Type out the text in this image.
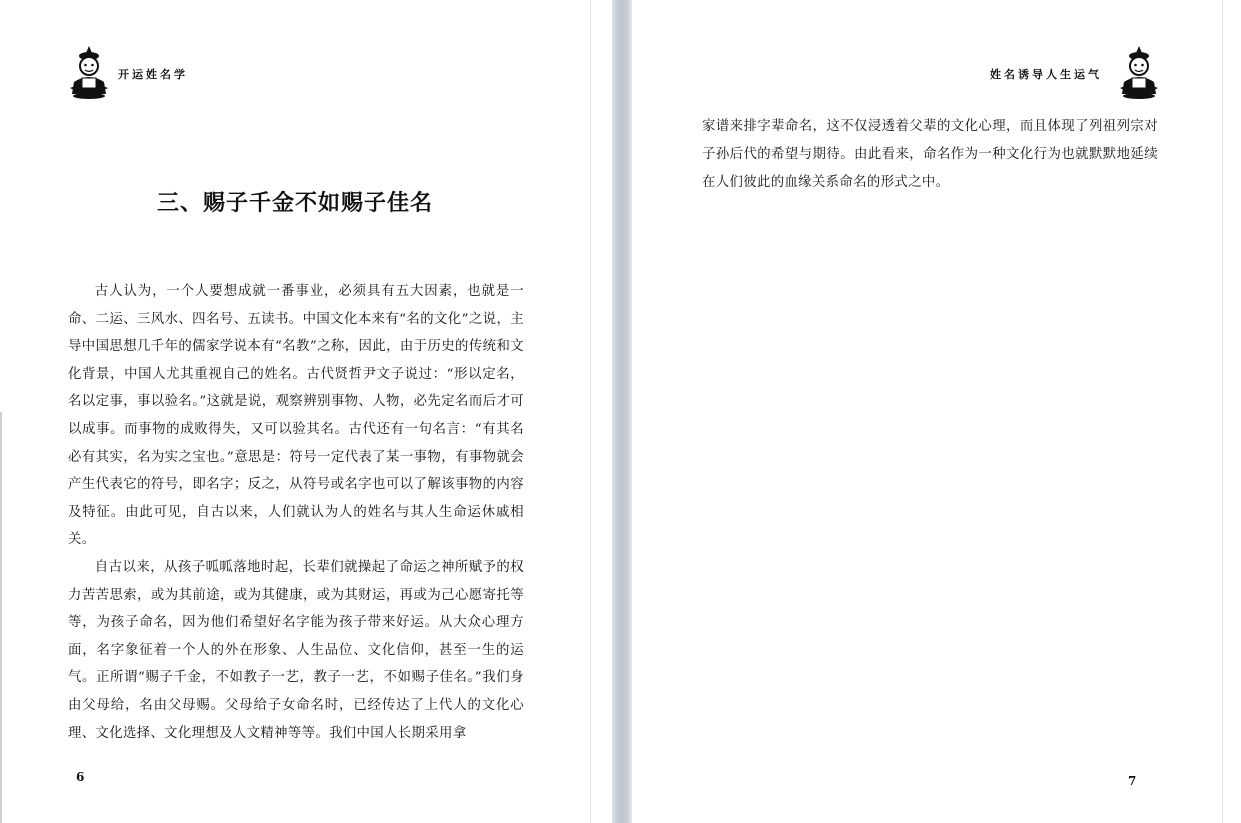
开运姓名学
三、赐子千金不如赐子佳名

古人认为，一个人要想成就一番事业，必须具有五大因素，也就是一命、二运、三风水、四名号、五读书。中国文化本来有“名的文化”之说，主导中国思想几千年的儒家学说本有“名教”之称，因此，由于历史的传统和文化背景，中国人尤其重视自己的姓名。古代贤哲尹文子说过：“形以定名，名以定事，事以验名。”这就是说，观察辨别事物、人物，必先定名而后才可以成事。而事物的成败得失，又可以验其名。古代还有一句名言：“有其名必有其实，名为实之宝也。”意思是：符号一定代表了某一事物，有事物就会产生代表它的符号，即名字；反之，从符号或名字也可以了解该事物的内容及特征。由此可见，自古以来，人们就认为人的姓名与其人生命运休戚相关。

自古以来，从孩子呱呱落地时起，长辈们就操起了命运之神所赋予的权力苦苦思索，或为其前途，或为其健康，或为其财运，再或为己心愿寄托等等，为孩子命名，因为他们希望好名字能为孩子带来好运。从大众心理方面，名字象征着一个人的外在形象、人生品位、文化信仰，甚至一生的运气。正所谓“赐子千金，不如教子一艺，教子一艺，不如赐子佳名。”我们身由父母给，名由父母赐。父母给子女命名时，已经传达了上代人的文化心理、文化选择、文化理想及人文精神等等。我们中国人长期采用拿

6
姓名诱导人生运气

家谱来排字辈命名，这不仅浸透着父辈的文化心理，而且体现了列祖列宗对子孙后代的希望与期待。由此看来，命名作为一种文化行为也就默默地延续在人们彼此的血缘关系命名的形式之中。

7
